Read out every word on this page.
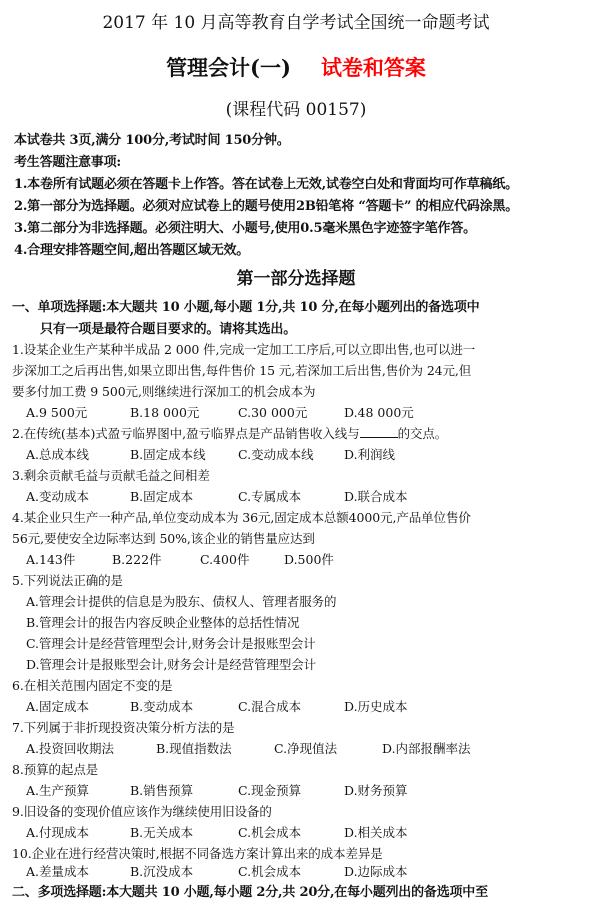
2017 年 10 月高等教育自学考试全国统一命题考试
管理会计(一) 试卷和答案
(课程代码 00157)
本试卷共 3页,满分 100分,考试时间 150分钟。
考生答题注意事项:
1.本卷所有试题必须在答题卡上作答。答在试卷上无效,试卷空白处和背面均可作草稿纸。
2.第一部分为选择题。必须对应试卷上的题号使用2B铅笔将 “答题卡” 的相应代码涂黑。
3.第二部分为非选择题。必须注明大、小题号,使用0.5毫米黑色字迹签字笔作答。
4.合理安排答题空间,超出答题区域无效。
第一部分选择题
一、单项选择题:本大题共 10 小题,每小题 1分,共 10 分,在每小题列出的备选项中
只有一项是最符合题目要求的。请将其选出。
1.设某企业生产某种半成品 2 000 件,完成一定加工工序后,可以立即出售,也可以进一
步深加工之后再出售,如果立即出售,每件售价 15 元,若深加工后出售,售价为 24元,但
要多付加工费 9 500元,则继续进行深加工的机会成本为
A.9 500元	B.18 000元	C.30 000元	D.48 000元
2.在传统(基本)式盈亏临界图中,盈亏临界点是产品销售收入线与	的交点。
A.总成本线	B.固定成本线	C.变动成本线 D.利润线
3.剩余贡献毛益与贡献毛益之间相差
A.变动成本	B.固定成本	C.专属成本	D.联合成本
4.某企业只生产一种产品,单位变动成本为 36元,固定成本总额4000元,产品单位售价
56元,要使安全边际率达到 50%,该企业的销售量应达到
A.143件	B.222件	C.400件	D.500件
5.下列说法正确的是
A.管理会计提供的信息是为股东、债权人、管理者服务的
B.管理会计的报告内容反映企业整体的总括性情况
C.管理会计是经营管理型会计,财务会计是报账型会计
D.管理会计是报账型会计,财务会计是经营管理型会计
6.在相关范围内固定不变的是
A.固定成本	B.变动成本	C.混合成本	D.历史成本
7.下列属于非折现投资决策分析方法的是
A.投资回收期法	B.现值指数法	C.净现值法	D.内部报酬率法
8.预算的起点是
A.生产预算	B.销售预算	C.现金预算	D.财务预算
9.旧设备的变现价值应该作为继续使用旧设备的
A.付现成本	B.无关成本	C.机会成本	D.相关成本
10.企业在进行经营决策时,根据不同备选方案计算出来的成本差异是
A.差量成本	B.沉没成本	C.机会成本	D.边际成本
二、多项选择题:本大题共 10 小题,每小题 2分,共 20分,在每小题列出的备选项中至
